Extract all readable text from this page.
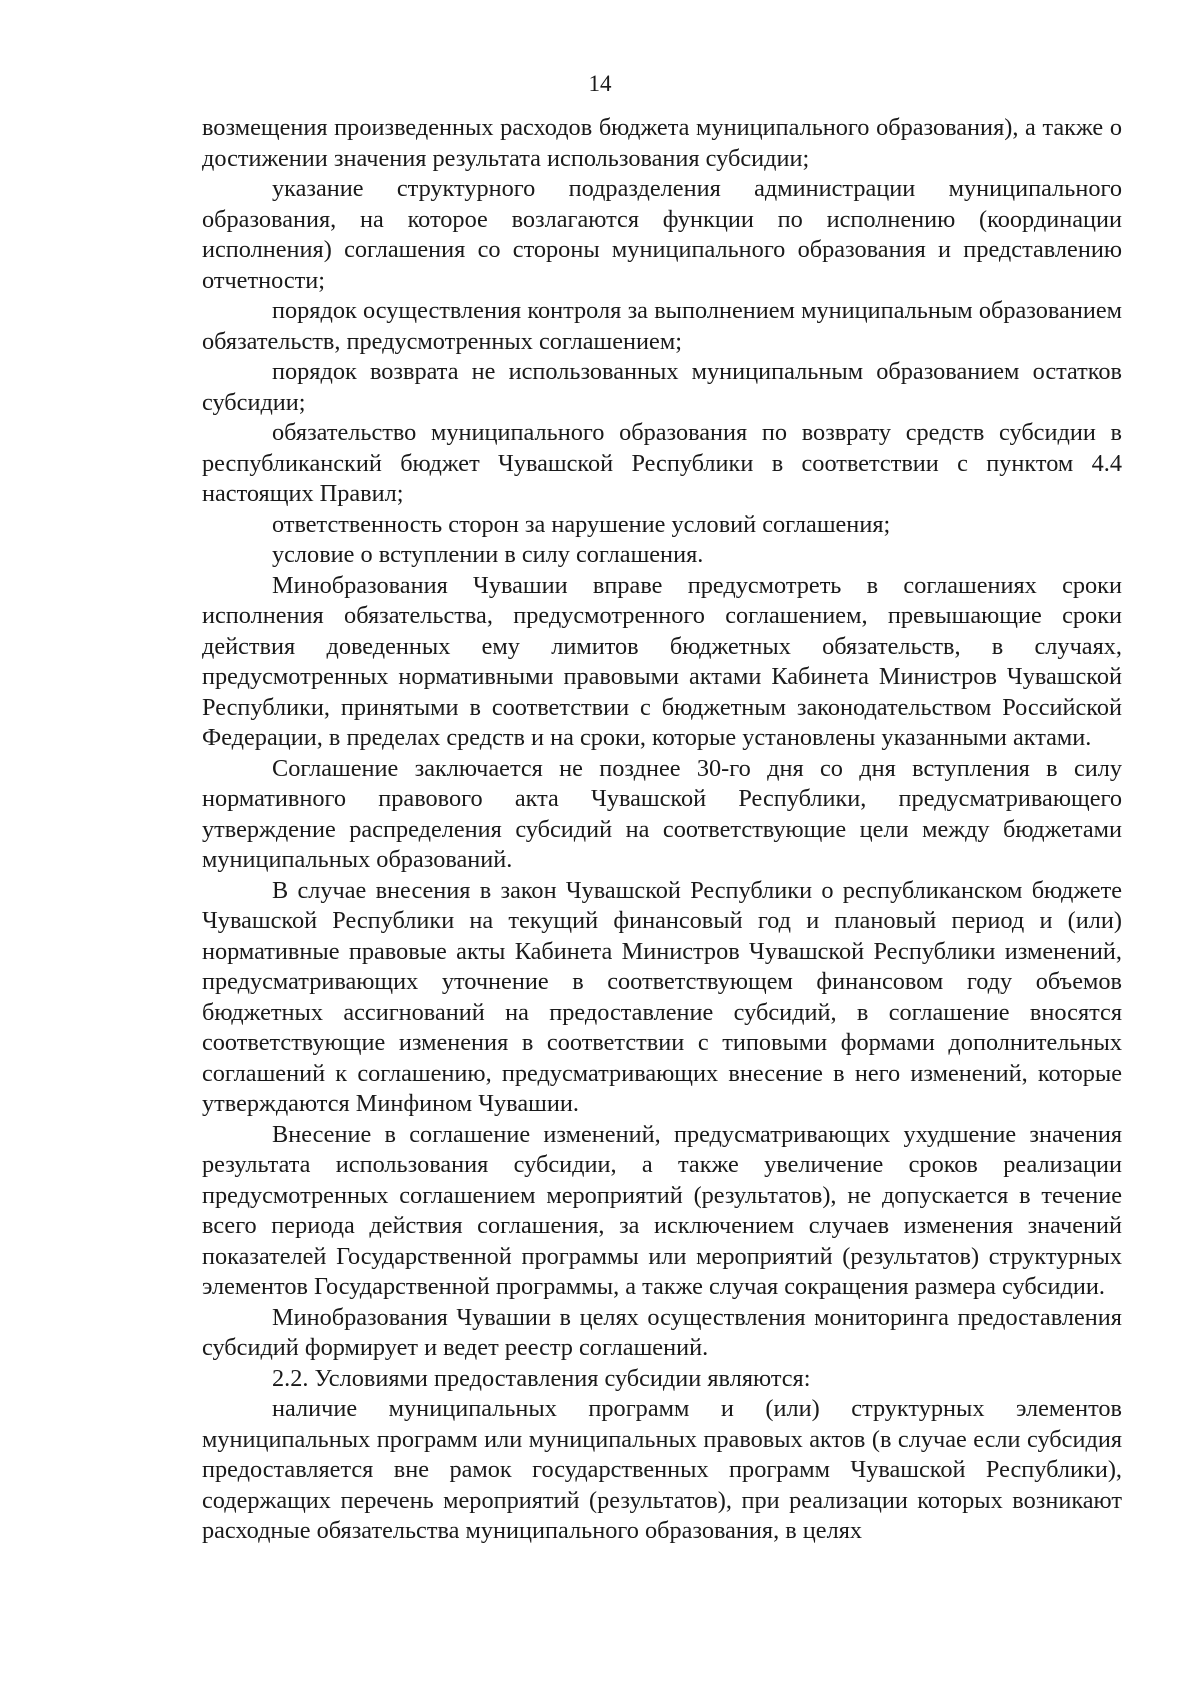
14

возмещения произведенных расходов бюджета муниципального образования), а также о достижении значения результата использования субсидии;

указание структурного подразделения администрации муниципального образования, на которое возлагаются функции по исполнению (координации исполнения) соглашения со стороны муниципального образования и представлению отчетности;

порядок осуществления контроля за выполнением муниципальным образованием обязательств, предусмотренных соглашением;

порядок возврата не использованных муниципальным образованием остатков субсидии;

обязательство муниципального образования по возврату средств субсидии в республиканский бюджет Чувашской Республики в соответствии с пунктом 4.4 настоящих Правил;

ответственность сторон за нарушение условий соглашения;

условие о вступлении в силу соглашения.

Минобразования Чувашии вправе предусмотреть в соглашениях сроки исполнения обязательства, предусмотренного соглашением, превышающие сроки действия доведенных ему лимитов бюджетных обязательств, в случаях, предусмотренных нормативными правовыми актами Кабинета Министров Чувашской Республики, принятыми в соответствии с бюджетным законодательством Российской Федерации, в пределах средств и на сроки, которые установлены указанными актами.

Соглашение заключается не позднее 30-го дня со дня вступления в силу нормативного правового акта Чувашской Республики, предусматривающего утверждение распределения субсидий на соответствующие цели между бюджетами муниципальных образований.

В случае внесения в закон Чувашской Республики о республиканском бюджете Чувашской Республики на текущий финансовый год и плановый период и (или) нормативные правовые акты Кабинета Министров Чувашской Республики изменений, предусматривающих уточнение в соответствующем финансовом году объемов бюджетных ассигнований на предоставление субсидий, в соглашение вносятся соответствующие изменения в соответствии с типовыми формами дополнительных соглашений к соглашению, предусматривающих внесение в него изменений, которые утверждаются Минфином Чувашии.

Внесение в соглашение изменений, предусматривающих ухудшение значения результата использования субсидии, а также увеличение сроков реализации предусмотренных соглашением мероприятий (результатов), не допускается в течение всего периода действия соглашения, за исключением случаев изменения значений показателей Государственной программы или мероприятий (результатов) структурных элементов Государственной программы, а также случая сокращения размера субсидии.

Минобразования Чувашии в целях осуществления мониторинга предоставления субсидий формирует и ведет реестр соглашений.

2.2. Условиями предоставления субсидии являются:

наличие муниципальных программ и (или) структурных элементов муниципальных программ или муниципальных правовых актов (в случае если субсидия предоставляется вне рамок государственных программ Чувашской Республики), содержащих перечень мероприятий (результатов), при реализации которых возникают расходные обязательства муниципального образования, в целях
